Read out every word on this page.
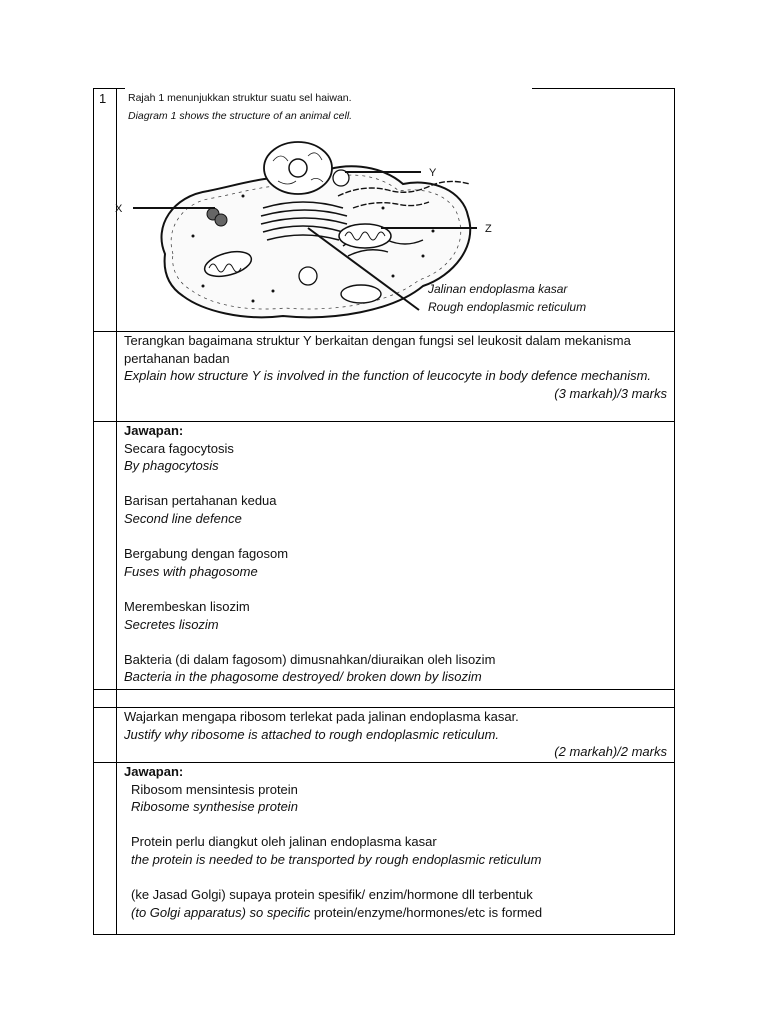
1 Rajah 1 menunjukkan struktur suatu sel haiwan.
Diagram 1 shows the structure of an animal cell.
X
Y
Z
Jalinan endoplasma kasar
Rough endoplasmic reticulum

Terangkan bagaimana struktur Y berkaitan dengan fungsi sel leukosit dalam mekanisma pertahanan badan

Explain how structure Y is involved in the function of leucocyte in body defence mechanism.

(3 markah)/3 marks

Jawapan:

Secara fagocytosis

By phagocytosis

Barisan pertahanan kedua

Second line defence

Bergabung dengan fagosom

Fuses with phagosome

Merembeskan lisozim

Secretes lisozim

Bakteria (di dalam fagosom) dimusnahkan/diuraikan oleh lisozim

Bacteria in the phagosome destroyed/ broken down by lisozim

Wajarkan mengapa ribosom terlekat pada jalinan endoplasma kasar.

Justify why ribosome is attached to rough endoplasmic reticulum.

(2 markah)/2 marks

Jawapan:

Ribosom mensintesis protein

Ribosome synthesise protein

Protein perlu diangkut oleh jalinan endoplasma kasar

the protein is needed to be transported by rough endoplasmic reticulum

(ke Jasad Golgi) supaya protein spesifik/ enzim/hormone dll terbentuk

(to Golgi apparatus) so specific protein/enzyme/hormones/etc is formed
